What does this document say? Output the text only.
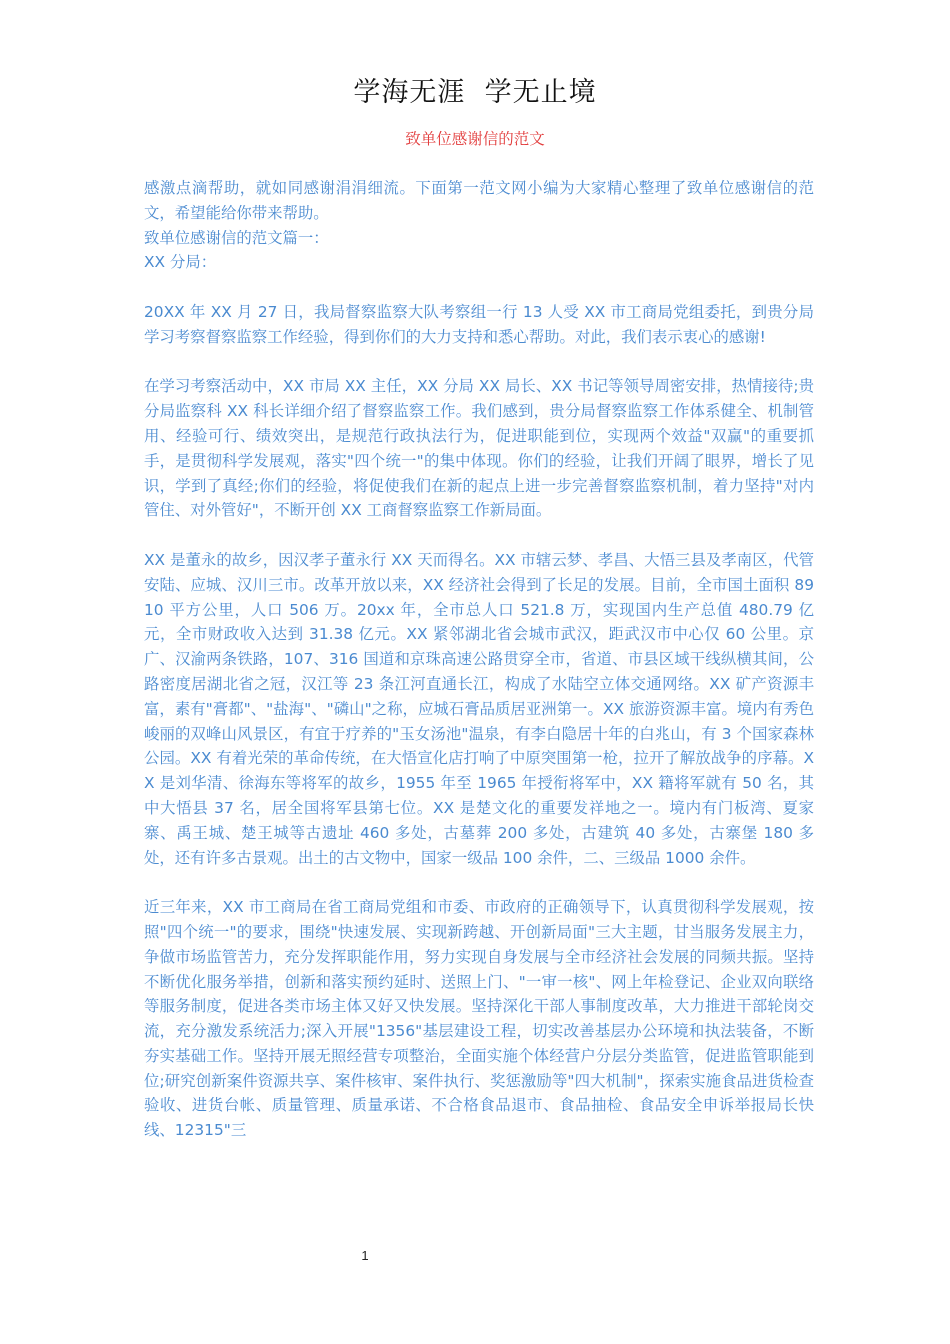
学海无涯  学无止境
致单位感谢信的范文

感激点滴帮助，就如同感谢涓涓细流。下面第一范文网小编为大家精心整理了致单位感谢信的范文，希望能给你带来帮助。

致单位感谢信的范文篇一：

XX 分局：

20XX 年 XX 月 27 日，我局督察监察大队考察组一行 13 人受 XX 市工商局党组委托，到贵分局学习考察督察监察工作经验，得到你们的大力支持和悉心帮助。对此，我们表示衷心的感谢!

在学习考察活动中，XX 市局 XX 主任，XX 分局 XX 局长、XX 书记等领导周密安排，热情接待;贵分局监察科 XX 科长详细介绍了督察监察工作。我们感到，贵分局督察监察工作体系健全、机制管用、经验可行、绩效突出，是规范行政执法行为，促进职能到位，实现两个效益"双赢"的重要抓手，是贯彻科学发展观，落实"四个统一"的集中体现。你们的经验，让我们开阔了眼界，增长了见识，学到了真经;你们的经验，将促使我们在新的起点上进一步完善督察监察机制，着力坚持"对内管住、对外管好"，不断开创 XX 工商督察监察工作新局面。

XX 是董永的故乡，因汉孝子董永行 XX 天而得名。XX 市辖云梦、孝昌、大悟三县及孝南区，代管安陆、应城、汉川三市。改革开放以来，XX 经济社会得到了长足的发展。目前，全市国土面积 8910 平方公里，人口 506 万。20xx 年，全市总人口 521.8 万，实现国内生产总值 480.79 亿元，全市财政收入达到 31.38 亿元。XX 紧邻湖北省会城市武汉，距武汉市中心仅 60 公里。京广、汉渝两条铁路，107、316 国道和京珠高速公路贯穿全市，省道、市县区域干线纵横其间，公路密度居湖北省之冠，汉江等 23 条江河直通长江，构成了水陆空立体交通网络。XX 矿产资源丰富，素有"膏都"、"盐海"、"磷山"之称，应城石膏品质居亚洲第一。XX 旅游资源丰富。境内有秀色峻丽的双峰山风景区，有宜于疗养的"玉女汤池"温泉，有李白隐居十年的白兆山，有 3 个国家森林公园。XX 有着光荣的革命传统，在大悟宣化店打响了中原突围第一枪，拉开了解放战争的序幕。XX 是刘华清、徐海东等将军的故乡，1955 年至 1965 年授衔将军中，XX 籍将军就有 50 名，其中大悟县 37 名，居全国将军县第七位。XX 是楚文化的重要发祥地之一。境内有门板湾、夏家寨、禹王城、楚王城等古遗址 460 多处，古墓葬 200 多处，古建筑 40 多处，古寨堡 180 多处，还有许多古景观。出土的古文物中，国家一级品 100 余件，二、三级品 1000 余件。

近三年来，XX 市工商局在省工商局党组和市委、市政府的正确领导下，认真贯彻科学发展观，按照"四个统一"的要求，围绕"快速发展、实现新跨越、开创新局面"三大主题，甘当服务发展主力，争做市场监管苦力，充分发挥职能作用，努力实现自身发展与全市经济社会发展的同频共振。坚持不断优化服务举措，创新和落实预约延时、送照上门、"一审一核"、网上年检登记、企业双向联络等服务制度，促进各类市场主体又好又快发展。坚持深化干部人事制度改革，大力推进干部轮岗交流，充分激发系统活力;深入开展"1356"基层建设工程，切实改善基层办公环境和执法装备，不断夯实基础工作。坚持开展无照经营专项整治，全面实施个体经营户分层分类监管，促进监管职能到位;研究创新案件资源共享、案件核审、案件执行、奖惩激励等"四大机制"，探索实施食品进货检查验收、进货台帐、质量管理、质量承诺、不合格食品退市、食品抽检、食品安全申诉举报局长快线、12315"三

1
